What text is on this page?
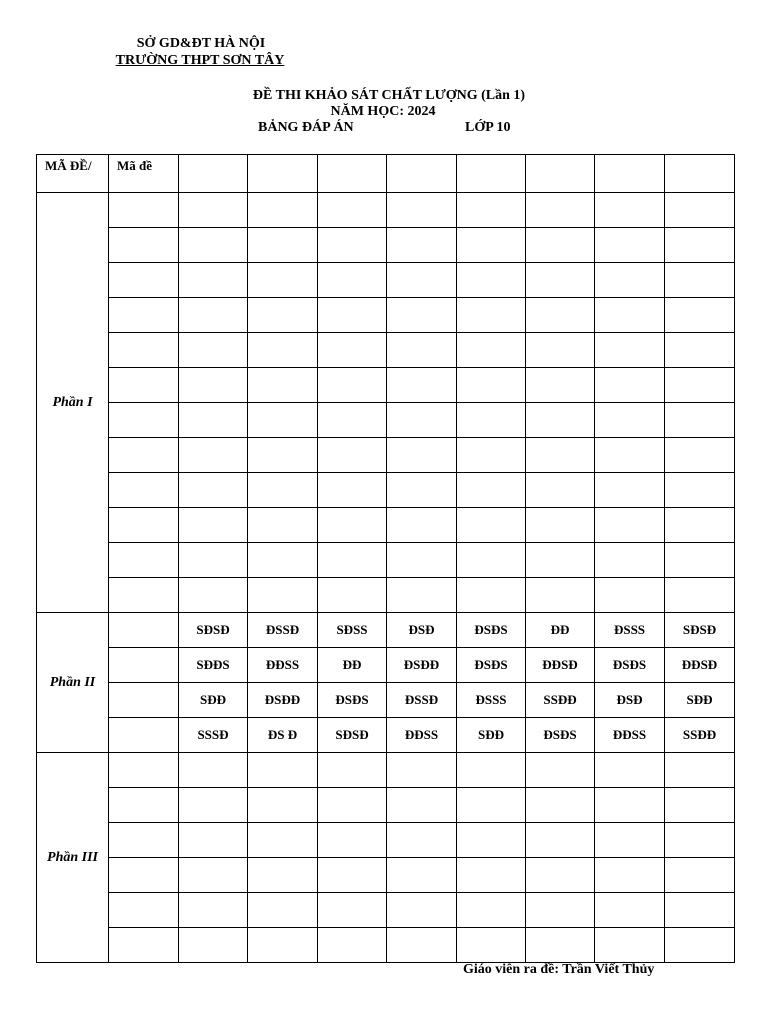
SỞ GD&ĐT HÀ NỘI
TRƯỜNG THPT SƠN TÂY
ĐỀ THI KHẢO SÁT CHẤT LƯỢNG (Lần 1)
NĂM HỌC: 2024
BẢNG ĐÁP ÁN	LỚP 10
MÃ ĐỀ/	Mã đề								
Phần I									

Phần II		SĐSĐ	ĐSSĐ	SĐSS	ĐSĐ	ĐSĐS	ĐĐ	ĐSSS	SĐSĐ
		SĐĐS	ĐĐSS	ĐĐ	ĐSĐĐ	ĐSĐS	ĐĐSĐ	ĐSĐS	ĐĐSĐ
		SĐĐ	ĐSĐĐ	ĐSĐS	ĐSSĐ	ĐSSS	SSĐĐ	ĐSĐ	SĐĐ
		SSSĐ	ĐS Đ	SĐSĐ	ĐĐSS	SĐĐ	ĐSĐS	ĐĐSS	SSĐĐ
Phần III									

Giáo viên ra đề: Trần Viết Thủy
